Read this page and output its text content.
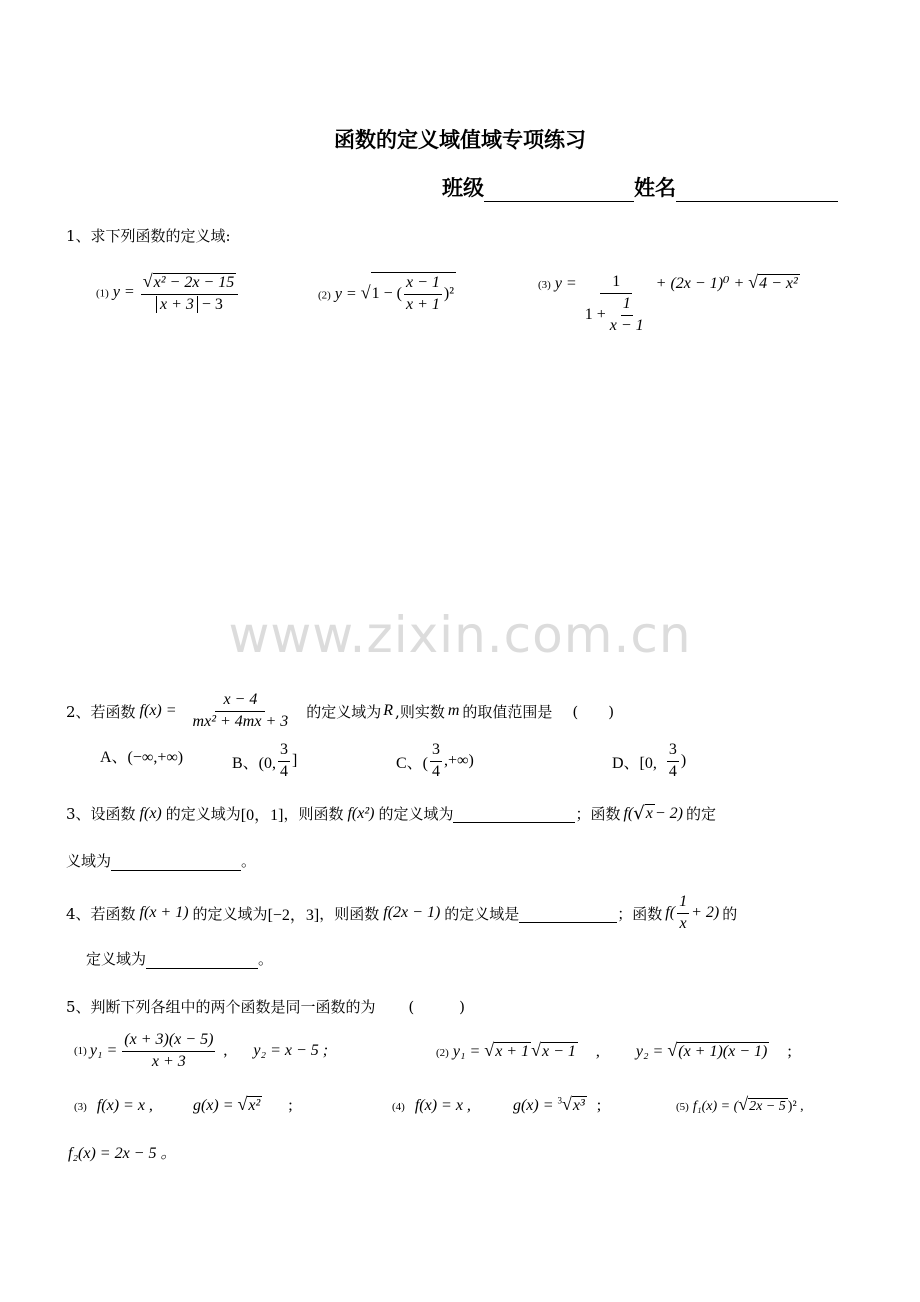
函数的定义域值域专项练习
班级	姓名
1、求下列函数的定义域:
(1) $y = \frac{\text{√x² − 2x − 15}}{x + 3 - 3}$	(2) y = √ 1 − ( $\frac{x - 1}{x + 1} )^2$
(3) $y = \frac{1}{1 + \frac{1}{x - 1}} + (2x - 1)^0 + √4 - x^2$
www.zixin.com.cn
2、若函数 $f(x) = \frac{x - 4}{\text{mx² + 4mx + 3}}$ 的定义域为 R ,则实数 m 的取值范围是 (　　)
A、(−∞,+∞)	B、(0, $\frac{3}{4}$ ]	C、( $\frac{3}{4}$ ,+∞)	D、[0, $\frac{3}{4}$ )
3、设函数 f(x) 的定义域为 [0，1] ，则函数 f(x²) 的定义域为	；函数 f( √ x − 2) 的定
义域为	。
4、若函数 f(x + 1) 的定义域为 [−2，3] ，则函数 f(2x − 1) 的定义域是	；函数 $f( \frac{1}{x} + 2)$ 的
定义域为	。
5、判断下列各组中的两个函数是同一函数的为 (　　　)
(1) $y_1 = \frac{(x + 3)(x - 5)}{x + 3}$ , y₂ = x − 5 ;	(2) y₁ = √x + 1 √x − 1 , y₂ = √(x + 1)(x − 1) ;
(3) f(x) = x ,	g(x) = √x² ;	(4) f(x) = x ,	g(x) = $^3$√x³ ;	(5) f₁(x) = (√2x − 5 )² ,
f₂(x) = 2x − 5 。
